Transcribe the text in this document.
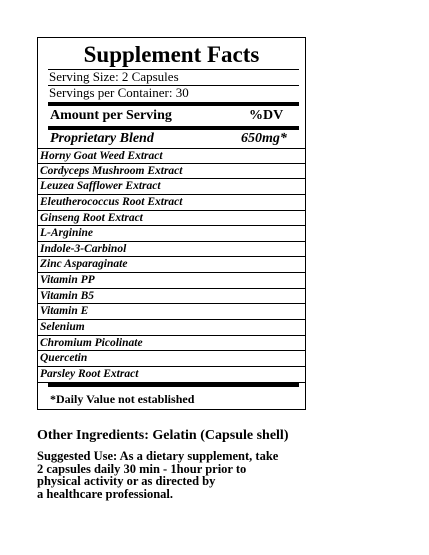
Supplement Facts
Serving Size: 2 Capsules
Servings per Container: 30
Amount per Serving	%DV
Proprietary Blend	650mg*
*Daily Value not established
Horny Goat Weed Extract
Cordyceps Mushroom Extract
Leuzea Safflower Extract
Eleutherococcus Root Extract
Ginseng Root Extract
L-Arginine
Indole-3-Carbinol
Zinc Asparaginate
Vitamin PP
Vitamin B5
Vitamin E
Selenium
Chromium Picolinate
Quercetin
Parsley Root Extract
Other Ingredients: Gelatin (Capsule shell)
Suggested Use: As a dietary supplement, take
2 capsules daily 30 min - 1hour prior to
physical activity or as directed by
a healthcare professional.
